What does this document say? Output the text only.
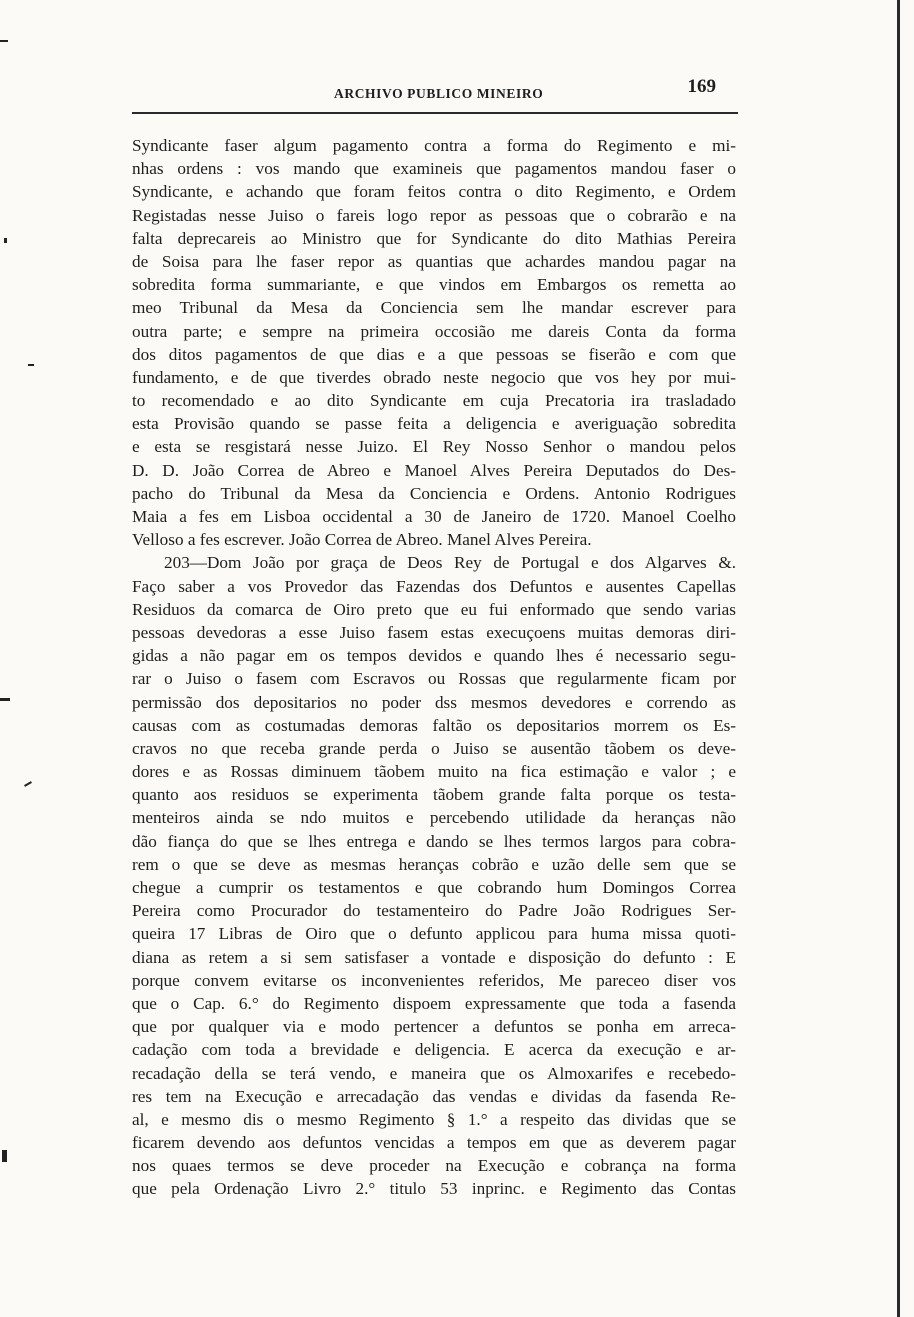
ARCHIVO PUBLICO MINEIRO	169
Syndicante faser algum pagamento contra a forma do Regimento e mi-
nhas ordens : vos mando que examineis que pagamentos mandou faser o
Syndicante, e achando que foram feitos contra o dito Regimento, e Ordem
Registadas nesse Juiso o fareis logo repor as pessoas que o cobrarão e na
falta deprecareis ao Ministro que for Syndicante do dito Mathias Pereira
de Soisa para lhe faser repor as quantias que achardes mandou pagar na
sobredita forma summariante, e que vindos em Embargos os remetta ao
meo Tribunal da Mesa da Conciencia sem lhe mandar escrever para
outra parte; e sempre na primeira occosião me dareis Conta da forma
dos ditos pagamentos de que dias e a que pessoas se fiserão e com que
fundamento, e de que tiverdes obrado neste negocio que vos hey por mui-
to recomendado e ao dito Syndicante em cuja Precatoria ira trasladado
esta Provisão quando se passe feita a deligencia e averiguação sobredita
e esta se resgistará nesse Juizo. El Rey Nosso Senhor o mandou pelos
D. D. João Correa de Abreo e Manoel Alves Pereira Deputados do Des-
pacho do Tribunal da Mesa da Conciencia e Ordens. Antonio Rodrigues
Maia a fes em Lisboa occidental a 30 de Janeiro de 1720. Manoel Coelho
Velloso a fes escrever. João Correa de Abreo. Manel Alves Pereira.
203—Dom João por graça de Deos Rey de Portugal e dos Algarves &.
Faço saber a vos Provedor das Fazendas dos Defuntos e ausentes Capellas
Residuos da comarca de Oiro preto que eu fui enformado que sendo varias
pessoas devedoras a esse Juiso fasem estas execuçoens muitas demoras diri-
gidas a não pagar em os tempos devidos e quando lhes é necessario segu-
rar o Juiso o fasem com Escravos ou Rossas que regularmente ficam por
permissão dos depositarios no poder dss mesmos devedores e correndo as
causas com as costumadas demoras faltão os depositarios morrem os Es-
cravos no que receba grande perda o Juiso se ausentão tãobem os deve-
dores e as Rossas diminuem tãobem muito na fica estimação e valor ; e
quanto aos residuos se experimenta tãobem grande falta porque os testa-
menteiros ainda se ndo muitos e percebendo utilidade da heranças não
dão fiança do que se lhes entrega e dando se lhes termos largos para cobra-
rem o que se deve as mesmas heranças cobrão e uzão delle sem que se
chegue a cumprir os testamentos e que cobrando hum Domingos Correa
Pereira como Procurador do testamenteiro do Padre João Rodrigues Ser-
queira 17 Libras de Oiro que o defunto applicou para huma missa quoti-
diana as retem a si sem satisfaser a vontade e disposição do defunto : E
porque convem evitarse os inconvenientes referidos, Me pareceo diser vos
que o Cap. 6.° do Regimento dispoem expressamente que toda a fasenda
que por qualquer via e modo pertencer a defuntos se ponha em arreca-
cadação com toda a brevidade e deligencia. E acerca da execução e ar-
recadação della se terá vendo, e maneira que os Almoxarifes e recebedo-
res tem na Execução e arrecadação das vendas e dividas da fasenda Re-
al, e mesmo dis o mesmo Regimento § 1.° a respeito das dividas que se
ficarem devendo aos defuntos vencidas a tempos em que as deverem pagar
nos quaes termos se deve proceder na Execução e cobrança na forma
que pela Ordenação Livro 2.° titulo 53 inprinc. e Regimento das Contas
